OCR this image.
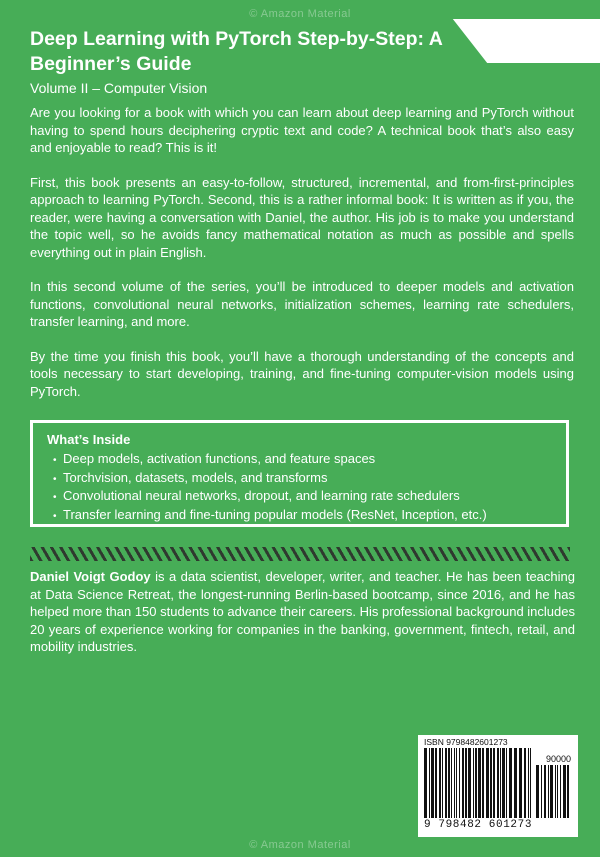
© Amazon Material
Deep Learning with PyTorch Step-by-Step: A Beginner’s Guide
Volume II – Computer Vision

Are you looking for a book with which you can learn about deep learning and PyTorch without having to spend hours deciphering cryptic text and code? A technical book that’s also easy and enjoyable to read? This is it!

First, this book presents an easy-to-follow, structured, incremental, and from-first-principles approach to learning PyTorch. Second, this is a rather informal book: It is written as if you, the reader, were having a conversation with Daniel, the author. His job is to make you understand the topic well, so he avoids fancy mathematical notation as much as possible and spells everything out in plain English.

In this second volume of the series, you’ll be introduced to deeper models and activation functions, convolutional neural networks, initialization schemes, learning rate schedulers, transfer learning, and more.

By the time you finish this book, you’ll have a thorough understanding of the concepts and tools necessary to start developing, training, and fine-tuning computer-vision models using PyTorch.

What’s Inside
• Deep models, activation functions, and feature spaces
• Torchvision, datasets, models, and transforms
• Convolutional neural networks, dropout, and learning rate schedulers
• Transfer learning and fine-tuning popular models (ResNet, Inception, etc.)
Daniel Voigt Godoy is a data scientist, developer, writer, and teacher. He has been teaching at Data Science Retreat, the longest-running Berlin-based bootcamp, since 2016, and he has helped more than 150 students to advance their careers. His professional background includes 20 years of experience working for companies in the banking, government, fintech, retail, and mobility industries.
ISBN 9798482601273
90000
9 798482 601273
© Amazon Material
